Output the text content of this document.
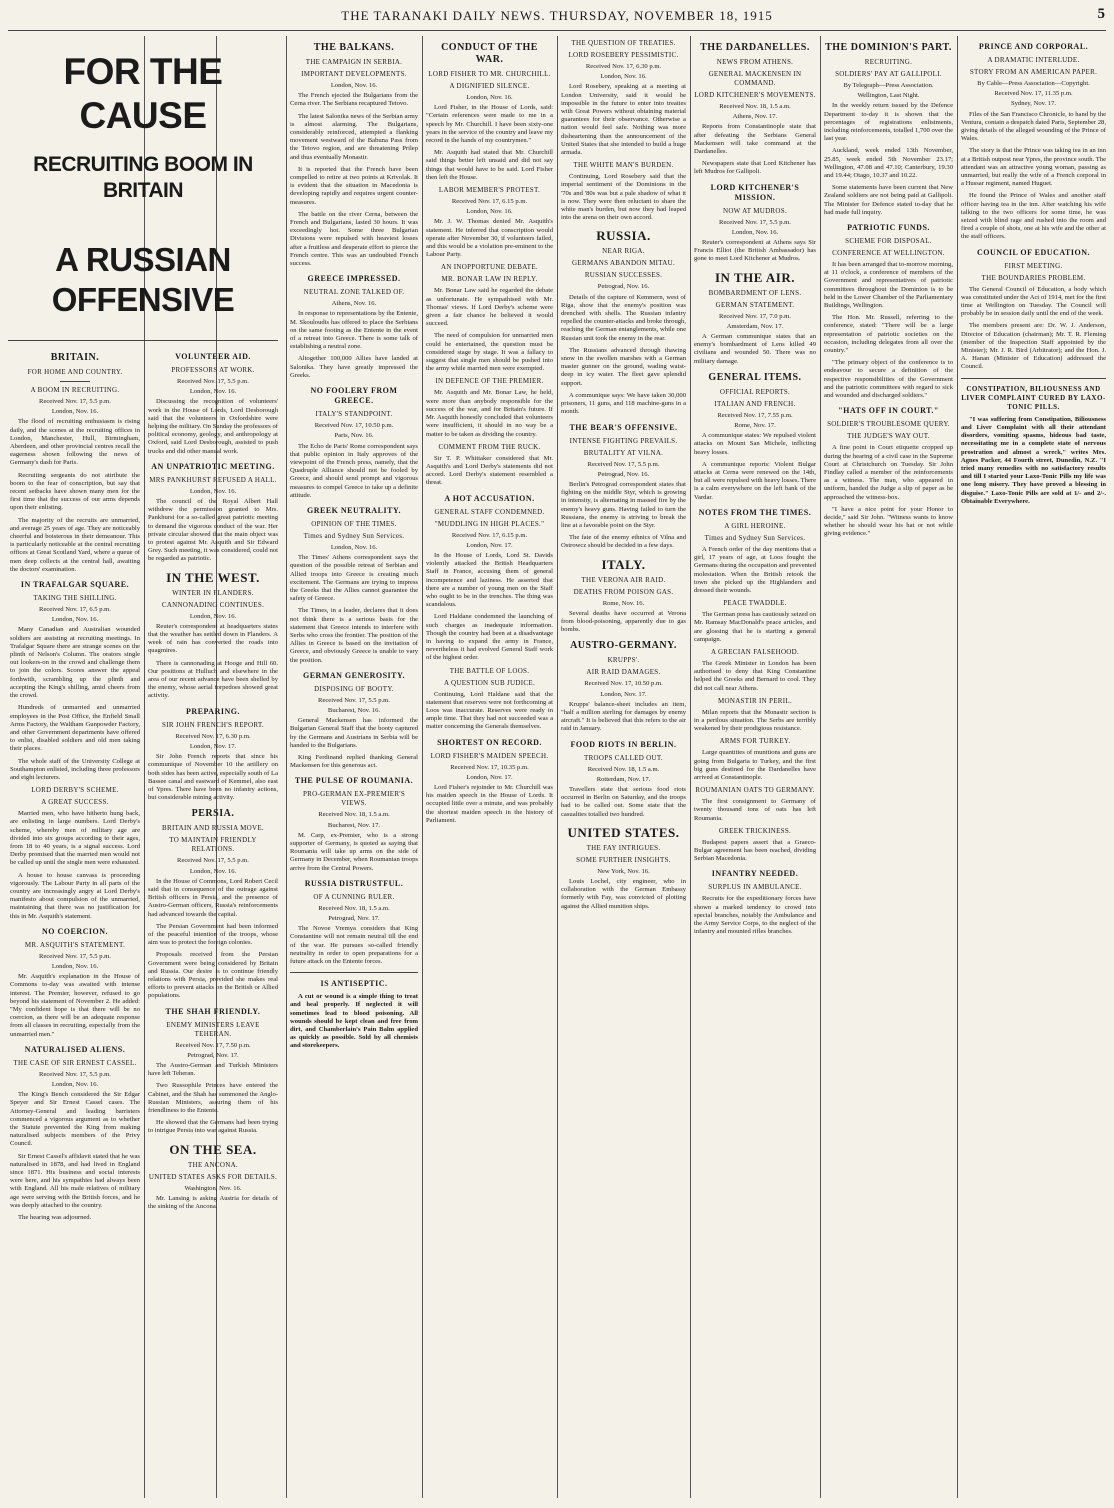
THE TARANAKI DAILY NEWS. THURSDAY, NOVEMBER 18, 1915	5
FOR THE CAUSE
RECRUITING BOOM IN BRITAIN
A RUSSIAN OFFENSIVE
BRITAIN.
FOR HOME AND COUNTRY.
A BOOM IN RECRUITING.

Received Nov. 17, 5.5 p.m.

London, Nov. 16.

The flood of recruiting enthusiasm is rising daily, and the scenes at the recruiting offices in London, Manchester, Hull, Birmingham, Aberdeen, and other provincial centres recall the eagerness shown following the news of Germany's dash for Paris.

Recruiting sergeants do not attribute the boom to the fear of conscription, but say that recent setbacks have shown many men for the first time that the success of our arms depends upon their enlisting.

The majority of the recruits are unmarried, and average 25 years of age. They are noticeably cheerful and boisterous in their demeanour. This is particularly noticeable at the central recruiting offices at Great Scotland Yard, where a queue of men deep collects at the central hall, awaiting the doctors' examination.

IN TRAFALGAR SQUARE.
TAKING THE SHILLING.

Received Nov. 17, 6.5 p.m.

London, Nov. 16.

Many Canadian and Australian wounded soldiers are assisting at recruiting meetings. In Trafalgar Square there are strange scenes on the plinth of Nelson's Column. The orators single out lookers-on in the crowd and challenge them to join the colors. Scores answer the appeal forthwith, scrambling up the plinth and accepting the King's shilling, amid cheers from the crowd.

Hundreds of unmarried and unmarried employees in the Post Office, the Enfield Small Arms Factory, the Waltham Gunpowder Factory, and other Government departments have offered to enlist, disabled soldiers and old men taking their places.

The whole staff of the University College at Southampton enlisted, including three professors and eight lecturers.

LORD DERBY'S SCHEME.
A GREAT SUCCESS.

Married men, who have hitherto hung back, are enlisting in large numbers. Lord Derby's scheme, whereby men of military age are divided into six groups according to their ages, from 18 to 40 years, is a signal success. Lord Derby promised that the married men would not be called up until the single men were exhausted.

A house to house canvass is proceeding vigorously. The Labour Party in all parts of the country are increasingly angry at Lord Derby's manifesto about compulsion of the unmarried, maintaining that there was no justification for this in Mr. Asquith's statement.

NO COERCION.
MR. ASQUITH'S STATEMENT.

Received Nov. 17, 5.5 p.m.

London, Nov. 16.

Mr. Asquith's explanation in the House of Commons to-day was awaited with intense interest. The Premier, however, refused to go beyond his statement of November 2. He added: "My confident hope is that there will be no coercion, as there will be an adequate response from all classes in recruiting, especially from the unmarried men."

NATURALISED ALIENS.
THE CASE OF SIR ERNEST CASSEL.

Received Nov. 17, 5.5 p.m.

London, Nov. 16.

The King's Bench considered the Sir Edgar Speyer and Sir Ernest Cassel cases. The Attorney-General and leading barristers commenced a vigorous argument as to whether the Statute prevented the King from making naturalised subjects members of the Privy Council.

Sir Ernest Cassel's affidavit stated that he was naturalised in 1878, and had lived in England since 1871. His business and social interests were here, and his sympathies had always been with England. All his male relatives of military age were serving with the British forces, and he was deeply attached to the country.

The hearing was adjourned.

VOLUNTEER AID.
PROFESSORS AT WORK.

Received Nov. 17, 5.5 p.m.

London, Nov. 16.

Discussing the recognition of volunteers' work in the House of Lords, Lord Desborough said that the volunteers in Oxfordshire were helping the military. On Sunday the professors of political economy, geology, and anthropology at Oxford, said Lord Desborough, assisted to push trucks and did other manual work.

AN UNPATRIOTIC MEETING.
MRS PANKHURST REFUSED A HALL.

London, Nov. 16.

The council of the Royal Albert Hall withdrew the permission granted to Mrs. Pankhurst for a so-called great patriotic meeting to demand the vigorous conduct of the war. Her private circular showed that the main object was to protest against Mr. Asquith and Sir Edward Grey. Such meeting, it was considered, could not be regarded as patriotic.

IN THE WEST.
WINTER IN FLANDERS.
CANNONADING CONTINUES.

London, Nov. 16.

Reuter's correspondent at headquarters states that the weather has settled down in Flanders. A week of rain has converted the roads into quagmires.

There is cannonading at Hooge and Hill 60. Our positions at Hulluch and elsewhere in the area of our recent advance have been shelled by the enemy, whose aerial torpedoes showed great activity.

PREPARING.
SIR JOHN FRENCH'S REPORT.

Received Nov. 17, 6.30 p.m.

London, Nov. 17.

Sir John French reports that since his communique of November 10 the artillery on both sides has been active, especially south of La Bassee canal and eastward of Kemmel, also east of Ypres. There have been no infantry actions, but considerable mining activity.

PERSIA.
BRITAIN AND RUSSIA MOVE.
TO MAINTAIN FRIENDLY RELATIONS.

Received Nov. 17, 5.5 p.m.

London, Nov. 16.

In the House of Commons, Lord Robert Cecil said that in consequence of the outrage against British officers in Persia, and the presence of Austro-German officers, Russia's reinforcements had advanced towards the capital.

The Persian Government had been informed of the peaceful intention of the troops, whose aim was to protect the foreign colonies.

Proposals received from the Persian Government were being considered by Britain and Russia. Our desire is to continue friendly relations with Persia, provided she makes real efforts to prevent attacks on the British or Allied populations.

THE SHAH FRIENDLY.
ENEMY MINISTERS LEAVE TEHERAN.

Received Nov. 17, 7.50 p.m.

Petrograd, Nov. 17.

The Austro-German and Turkish Ministers have left Teheran.

Two Russophile Princes have entered the Cabinet, and the Shah has summoned the Anglo-Russian Ministers, assuring them of his friendliness to the Entente.

He showed that the Germans had been trying to intrigue Persia into war against Russia.

ON THE SEA.
THE ANCONA.
UNITED STATES ASKS FOR DETAILS.

Washington, Nov. 16.

Mr. Lansing is asking Austria for details of the sinking of the Ancona.

THE BALKANS.
THE CAMPAIGN IN SERBIA.
IMPORTANT DEVELOPMENTS.

London, Nov. 16.

The French ejected the Bulgarians from the Cerna river. The Serbians recaptured Tetovo.

The latest Salonika news of the Serbian army is almost alarming. The Bulgarians, considerably reinforced, attempted a flanking movement westward of the Babuna Pass from the Tetovo region, and are threatening Prilep and thus eventually Monastir.

It is reported that the French have been compelled to retire at two points at Krivolak. It is evident that the situation in Macedonia is developing rapidly and requires urgent counter-measures.

The battle on the river Cerna, between the French and Bulgarians, lasted 30 hours. It was exceedingly hot. Some three Bulgarian Divisions were repulsed with heaviest losses after a fruitless and desperate effort to pierce the French centre. This was an undoubted French success.

GREECE IMPRESSED.
NEUTRAL ZONE TALKED OF.

Athens, Nov. 16.

In response to representations by the Entente, M. Skouloudis has offered to place the Serbians on the same footing as the Entente in the event of a retreat into Greece. There is some talk of establishing a neutral zone.

Altogether 100,000 Allies have landed at Salonika. They have greatly impressed the Greeks.

NO FOOLERY FROM GREECE.
ITALY'S STANDPOINT.

Received Nov. 17, 10.50 p.m.

Paris, Nov. 16.

The Echo de Paris' Rome correspondent says that public opinion in Italy approves of the viewpoint of the French press, namely, that the Quadruple Alliance should not be fooled by Greece, and should send prompt and vigorous measures to compel Greece to take up a definite attitude.

GREEK NEUTRALITY.
OPINION OF THE TIMES.
Times and Sydney Sun Services.

London, Nov. 16.

The Times' Athens correspondent says the question of the possible retreat of Serbian and Allied troops into Greece is creating much excitement. The Germans are trying to impress the Greeks that the Allies cannot guarantee the safety of Greece.

The Times, in a leader, declares that it does not think there is a serious basis for the statement that Greece intends to interfere with Serbs who cross the frontier. The position of the Allies in Greece is based on the invitation of Greece, and obviously Greece is unable to vary the position.

GERMAN GENEROSITY.
DISPOSING OF BOOTY.

Received Nov. 17, 5.5 p.m.

Bucharest, Nov. 16.

General Mackensen has informed the Bulgarian General Staff that the booty captured by the Germans and Austrians in Serbia will be handed to the Bulgarians.

King Ferdinand replied thanking General Mackensen for this generous act.

THE PULSE OF ROUMANIA.
PRO-GERMAN EX-PREMIER'S VIEWS.

Received Nov. 18, 1.5 a.m.

Bucharest, Nov. 17.

M. Carp, ex-Premier, who is a strong supporter of Germany, is quoted as saying that Roumania will take up arms on the side of Germany in December, when Roumanian troops arrive from the Central Powers.

RUSSIA DISTRUSTFUL.
OF A CUNNING RULER.

Received Nov. 18, 1.5 a.m.

Petrograd, Nov. 17.

The Novoe Vremya considers that King Constantine will not remain neutral till the end of the war. He pursues so-called friendly neutrality in order to open preparations for a future attack on the Entente forces.

IS ANTISEPTIC.

A cut or wound is a simple thing to treat and heal properly. If neglected it will sometimes lead to blood poisoning. All wounds should be kept clean and free from dirt, and Chamberlain's Pain Balm applied as quickly as possible. Sold by all chemists and storekeepers.

CONDUCT OF THE WAR.
LORD FISHER TO MR. CHURCHILL.
A DIGNIFIED SILENCE.

London, Nov. 16.

Lord Fisher, in the House of Lords, said: "Certain references were made to me in a speech by Mr. Churchill. I have been sixty-one years in the service of the country and leave my record in the hands of my countrymen."

Mr. Asquith had stated that Mr. Churchill said things better left unsaid and did not say things that would have to be said. Lord Fisher then left the House.

LABOR MEMBER'S PROTEST.

Received Nov. 17, 6.15 p.m.

London, Nov. 16.

Mr. J. W. Thomas denied Mr. Asquith's statement. He inferred that conscription would operate after November 30, if volunteers failed, and this would be a violation pre-eminent to the Labour Party.

AN INOPPORTUNE DEBATE.
MR. BONAR LAW IN REPLY.

Mr. Bonar Law said he regarded the debate as unfortunate. He sympathised with Mr. Thomas' views. If Lord Derby's scheme were given a fair chance he believed it would succeed.

The need of compulsion for unmarried men could be entertained, the question must be considered stage by stage. It was a fallacy to suggest that single men should be pushed into the army while married men were exempted.

IN DEFENCE OF THE PREMIER.

Mr. Asquith and Mr. Bonar Law, he held, were more than anybody responsible for the success of the war, and for Britain's future. If Mr. Asquith honestly concluded that volunteers were insufficient, it should in no way be a matter to be taken as dividing the country.

COMMENT FROM THE RUCK.

Sir T. P. Whittaker considered that Mr. Asquith's and Lord Derby's statements did not accord. Lord Derby's statement resembled a threat.

A HOT ACCUSATION.
GENERAL STAFF CONDEMNED.
"MUDDLING IN HIGH PLACES."

Received Nov. 17, 6.15 p.m.

London, Nov. 17.

In the House of Lords, Lord St. Davids violently attacked the British Headquarters Staff in France, accusing them of general incompetence and laziness. He asserted that there are a number of young men on the Staff who ought to be in the trenches. The thing was scandalous.

Lord Haldane condemned the launching of such charges as inadequate information. Though the country had been at a disadvantage in having to expand the army in France, nevertheless it had evolved General Staff work of the highest order.

THE BATTLE OF LOOS.
A QUESTION SUB JUDICE.

Continuing, Lord Haldane said that the statement that reserves were not forthcoming at Loos was inaccurate. Reserves were ready in ample time. That they had not succeeded was a matter concerning the Generals themselves.

SHORTEST ON RECORD.
LORD FISHER'S MAIDEN SPEECH.

Received Nov. 17, 10.35 p.m.

London, Nov. 17.

Lord Fisher's rejoinder to Mr. Churchill was his maiden speech in the House of Lords. It occupied little over a minute, and was probably the shortest maiden speech in the history of Parliament.

THE QUESTION OF TREATIES.
LORD ROSEBERY PESSIMISTIC.

Received Nov. 17, 6.30 p.m.

London, Nov. 16.

Lord Rosebery, speaking at a meeting at London University, said it would be impossible in the future to enter into treaties with Great Powers without obtaining material guarantees for their observance. Otherwise a nation would feel safe. Nothing was more disheartening than the announcement of the United States that she intended to build a huge armada.

THE WHITE MAN'S BURDEN.

Continuing, Lord Rosebery said that the imperial sentiment of the Dominions in the '70s and '80s was but a pale shadow of what it is now. They were then reluctant to share the white man's burden, but now they had leaped into the arena on their own accord.

RUSSIA.
NEAR RIGA.
GERMANS ABANDON MITAU.
RUSSIAN SUCCESSES.

Petrograd, Nov. 16.

Details of the capture of Kemmern, west of Riga, show that the enemy's position was drenched with shells. The Russian infantry repelled the counter-attacks and broke through, reaching the German entanglements, while one Russian unit took the enemy in the rear.

The Russians advanced through thawing snow in the swollen marshes with a German master gunner on the ground, wading waist-deep in icy water. The fleet gave splendid support.

A communique says: We have taken 30,000 prisoners, 11 guns, and 118 machine-guns in a month.

THE BEAR'S OFFENSIVE.
INTENSE FIGHTING PREVAILS.
BRUTALITY AT VILNA.

Received Nov. 17, 5.5 p.m.

Petrograd, Nov. 16.

Berlin's Petrograd correspondent states that fighting on the middle Styr, which is growing in intensity, is alternating in massed fire by the enemy's heavy guns. Having failed to turn the Russians, the enemy is striving to break the line at a favorable point on the Styr.

The fate of the enemy ethnics of Vilna and Ostrowcz should be decided in a few days.

ITALY.
THE VERONA AIR RAID.
DEATHS FROM POISON GAS.

Rome, Nov. 16.

Several deaths have occurred at Verona from blood-poisoning, apparently due to gas bombs.

AUSTRO-GERMANY.
KRUPPS'.
AIR RAID DAMAGES.

Received Nov. 17, 10.50 p.m.

London, Nov. 17.

Krupps' balance-sheet includes an item, "half a million sterling for damages by enemy aircraft." It is believed that this refers to the air raid in January.

FOOD RIOTS IN BERLIN.
TROOPS CALLED OUT.

Received Nov. 18, 1.5 a.m.

Rotterdam, Nov. 17.

Travellers state that serious food riots occurred in Berlin on Saturday, and the troops had to be called out. Some state that the casualties totalled two hundred.

UNITED STATES.
THE FAY INTRIGUES.
SOME FURTHER INSIGHTS.

New York, Nov. 16.

Louis Lochel, city engineer, who in collaboration with the German Embassy formerly with Fay, was convicted of plotting against the Allied munition ships.

THE DARDANELLES.
NEWS FROM ATHENS.
GENERAL MACKENSEN IN COMMAND.
LORD KITCHENER'S MOVEMENTS.

Received Nov. 18, 1.5 a.m.

Athens, Nov. 17.

Reports from Constantinople state that after defeating the Serbians General Mackensen will take command at the Dardanelles.

Newspapers state that Lord Kitchener has left Mudros for Gallipoli.

LORD KITCHENER'S MISSION.
NOW AT MUDROS.

Received Nov. 17, 5.5 p.m.

London, Nov. 16.

Reuter's correspondent at Athens says Sir Francis Elliot (the British Ambassador) has gone to meet Lord Kitchener at Mudros.

IN THE AIR.
BOMBARDMENT OF LENS.
GERMAN STATEMENT.

Received Nov. 17, 7.0 p.m.

Amsterdam, Nov. 17.

A German communique states that an enemy's bombardment of Lens killed 49 civilians and wounded 50. There was no military damage.

GENERAL ITEMS.
OFFICIAL REPORTS.
ITALIAN AND FRENCH.

Received Nov. 17, 7.55 p.m.

Rome, Nov. 17.

A communique states: We repulsed violent attacks on Mount San Michele, inflicting heavy losses.

A communique reports: Violent Bulgar attacks at Cerna were renewed on the 14th, but all were repulsed with heavy losses. There is a calm everywhere on the left bank of the Vardar.

NOTES FROM THE TIMES.
A GIRL HEROINE.
Times and Sydney Sun Services.

A French order of the day mentions that a girl, 17 years of age, at Loos fought the Germans during the occupation and prevented molestation. When the British retook the town she picked up the Highlanders and dressed their wounds.

PEACE TWADDLE.

The German press has cautiously seized on Mr. Ramsay MacDonald's peace articles, and are glossing that he is starting a general campaign.

A GRECIAN FALSEHOOD.

The Greek Minister in London has been authorised to deny that King Constantine helped the Greeks and Bernard to cool. They did not call near Athens.

MONASTIR IN PERIL.

Milan reports that the Monastir section is in a perilous situation. The Serbs are terribly weakened by their prodigious resistance.

ARMS FOR TURKEY.

Large quantities of munitions and guns are going from Bulgaria to Turkey, and the first big guns destined for the Dardanelles have arrived at Constantinople.

ROUMANIAN OATS TO GERMANY.

The first consignment to Germany of twenty thousand tons of oats has left Roumania.

GREEK TRICKINESS.

Budapest papers assert that a Graeco-Bulgar agreement has been reached, dividing Serbian Macedonia.

INFANTRY NEEDED.
SURPLUS IN AMBULANCE.

Recruits for the expeditionary forces have shown a marked tendency to crowd into special branches, notably the Ambulance and the Army Service Corps, to the neglect of the infantry and mounted rifles branches.

THE DOMINION'S PART.
RECRUITING.
SOLDIERS' PAY AT GALLIPOLI.

By Telegraph—Press Association.

Wellington, Last Night.

In the weekly return issued by the Defence Department to-day it is shown that the percentages of registrations enlistments, including reinforcements, totalled 1,700 over the last year.

Auckland, week ended 13th November, 25.85, week ended 5th November 23.17; Wellington, 47.08 and 47.10; Canterbury, 19.30 and 19.44; Otago, 10.37 and 10.22.

Some statements have been current that New Zealand soldiers are not being paid at Gallipoli. The Minister for Defence stated to-day that he had made full inquiry.

PATRIOTIC FUNDS.
SCHEME FOR DISPOSAL.
CONFERENCE AT WELLINGTON.

It has been arranged that to-morrow morning, at 11 o'clock, a conference of members of the Government and representatives of patriotic committees throughout the Dominion is to be held in the Lower Chamber of the Parliamentary Buildings, Wellington.

The Hon. Mr. Russell, referring to the conference, stated: "There will be a large representation of patriotic societies on the occasion, including delegates from all over the country."

"The primary object of the conference is to endeavour to secure a definition of the respective responsibilities of the Government and the patriotic committees with regard to sick and wounded and discharged soldiers."

"HATS OFF IN COURT."
SOLDIER'S TROUBLESOME QUERY.
THE JUDGE'S WAY OUT.

A fine point in Court etiquette cropped up during the hearing of a civil case in the Supreme Court at Christchurch on Tuesday. Sir John Findlay called a member of the reinforcements as a witness. The man, who appeared in uniform, handed the Judge a slip of paper as he approached the witness-box.

"I have a nice point for your Honor to decide," said Sir John. "Witness wants to know whether he should wear his hat or not while giving evidence."

PRINCE AND CORPORAL.
A DRAMATIC INTERLUDE.
STORY FROM AN AMERICAN PAPER.

By Cable—Press Association—Copyright.

Received Nov. 17, 11.35 p.m.

Sydney, Nov. 17.

Files of the San Francisco Chronicle, to hand by the Ventura, contain a despatch dated Paris, September 28, giving details of the alleged wounding of the Prince of Wales.

The story is that the Prince was taking tea in an inn at a British outpost near Ypres, the province south. The attendant was an attractive young woman, passing as unmarried, but really the wife of a French corporal in a Hussar regiment, named Huguet.

He found the Prince of Wales and another staff officer having tea in the inn. After watching his wife talking to the two officers for some time, he was seized with blind rage and rushed into the room and fired a couple of shots, one at his wife and the other at the staff officers.

COUNCIL OF EDUCATION.
FIRST MEETING.
THE BOUNDARIES PROBLEM.

The General Council of Education, a body which was constituted under the Act of 1914, met for the first time at Wellington on Tuesday. The Council will probably be in session daily until the end of the week.

The members present are: Dr. W. J. Anderson, Director of Education (chairman); Mr. T. R. Fleming (member of the Inspection Staff appointed by the Minister); Mr. J. R. Bird (Arbitrator); and the Hon. J. A. Hanan (Minister of Education) addressed the Council.

CONSTIPATION, BILIOUSNESS AND LIVER COMPLAINT CURED BY LAXO-TONIC PILLS.

"I was suffering from Constipation, Biliousness and Liver Complaint with all their attendant disorders, vomiting spasms, hideous bad taste, necessitating me in a complete state of nervous prostration and almost a wreck," writes Mrs. Agnes Packer, 44 Fourth street, Dunedin, N.Z. "I tried many remedies with no satisfactory results and till I started your Laxo-Tonic Pills my life was one long misery. They have proved a blessing in disguise." Laxo-Tonic Pills are sold at 1/- and 2/-. Obtainable Everywhere.
